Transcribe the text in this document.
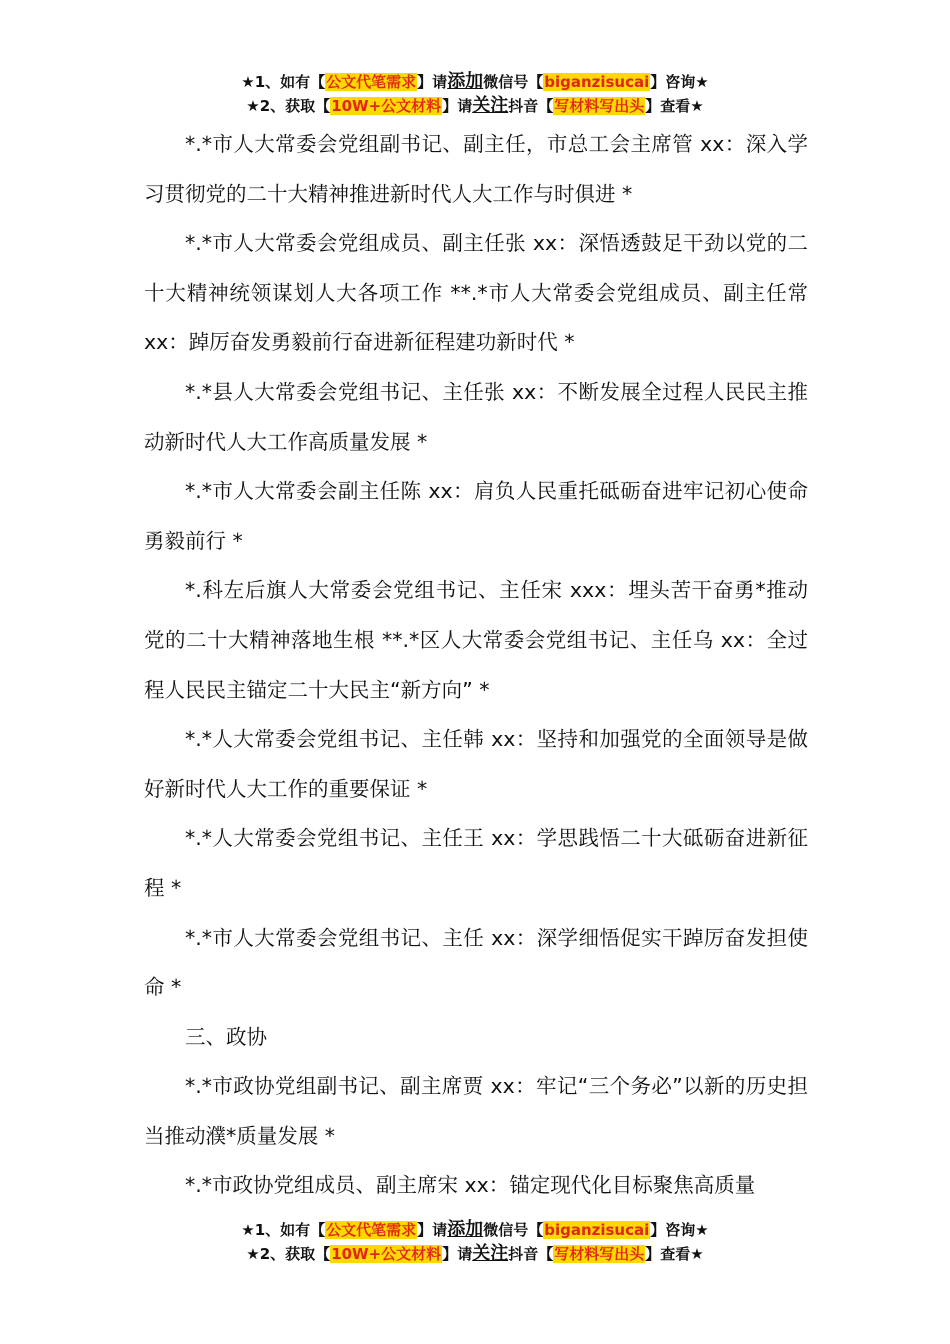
★1、如有【公文代笔需求】请添加微信号【biganzisucai】咨询★
★2、获取【10W+公文材料】请关注抖音【写材料写出头】查看★

*.*市人大常委会党组副书记、副主任，市总工会主席管 xx：深入学习贯彻党的二十大精神推进新时代人大工作与时俱进 *

*.*市人大常委会党组成员、副主任张 xx：深悟透鼓足干劲以党的二十大精神统领谋划人大各项工作 **.*市人大常委会党组成员、副主任常 xx：踔厉奋发勇毅前行奋进新征程建功新时代 *

*.*县人大常委会党组书记、主任张 xx：不断发展全过程人民民主推动新时代人大工作高质量发展 *

*.*市人大常委会副主任陈 xx：肩负人民重托砥砺奋进牢记初心使命勇毅前行 *

*.科左后旗人大常委会党组书记、主任宋 xxx：埋头苦干奋勇*推动党的二十大精神落地生根 **.*区人大常委会党组书记、主任乌 xx：全过程人民民主锚定二十大民主“新方向” *

*.*人大常委会党组书记、主任韩 xx：坚持和加强党的全面领导是做好新时代人大工作的重要保证 *

*.*人大常委会党组书记、主任王 xx：学思践悟二十大砥砺奋进新征程 *

*.*市人大常委会党组书记、主任 xx：深学细悟促实干踔厉奋发担使命 *

三、政协

*.*市政协党组副书记、副主席贾 xx：牢记“三个务必”以新的历史担当推动濮*质量发展 *

*.*市政协党组成员、副主席宋 xx：锚定现代化目标聚焦高质量

★1、如有【公文代笔需求】请添加微信号【biganzisucai】咨询★
★2、获取【10W+公文材料】请关注抖音【写材料写出头】查看★
